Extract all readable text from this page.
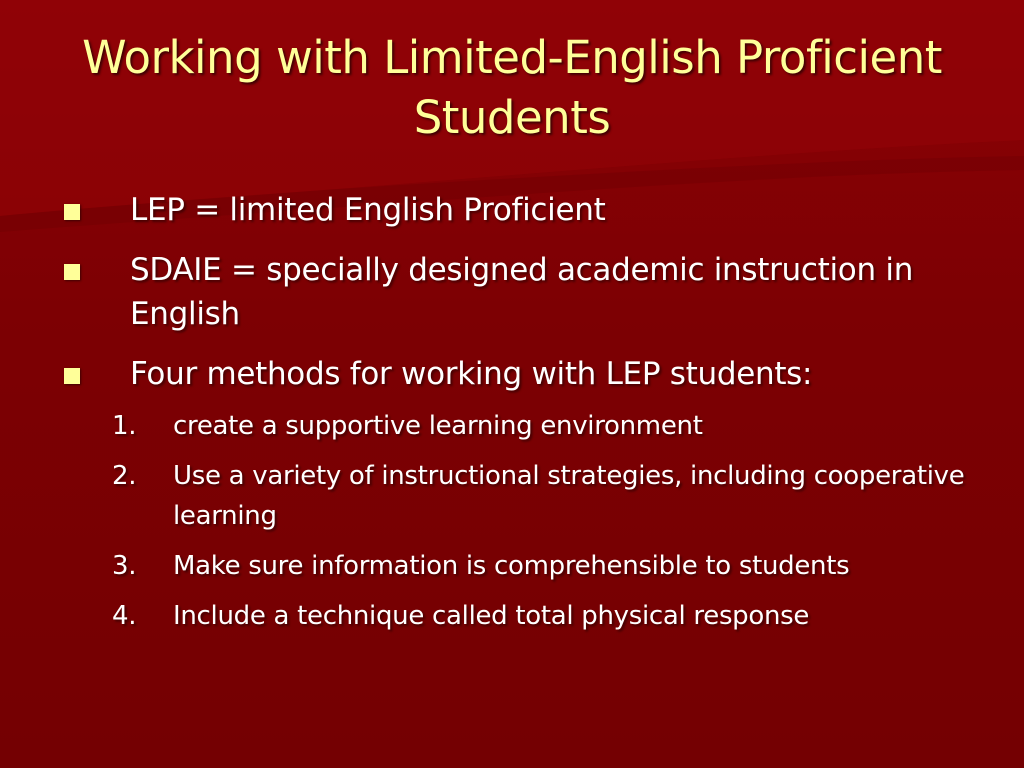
Working with Limited-English Proficient Students
LEP = limited English Proficient
SDAIE = specially designed academic instruction in English
Four methods for working with LEP students:
1. create a supportive learning environment
2. Use a variety of instructional strategies, including cooperative learning
3. Make sure information is comprehensible to students
4. Include a technique called total physical response
